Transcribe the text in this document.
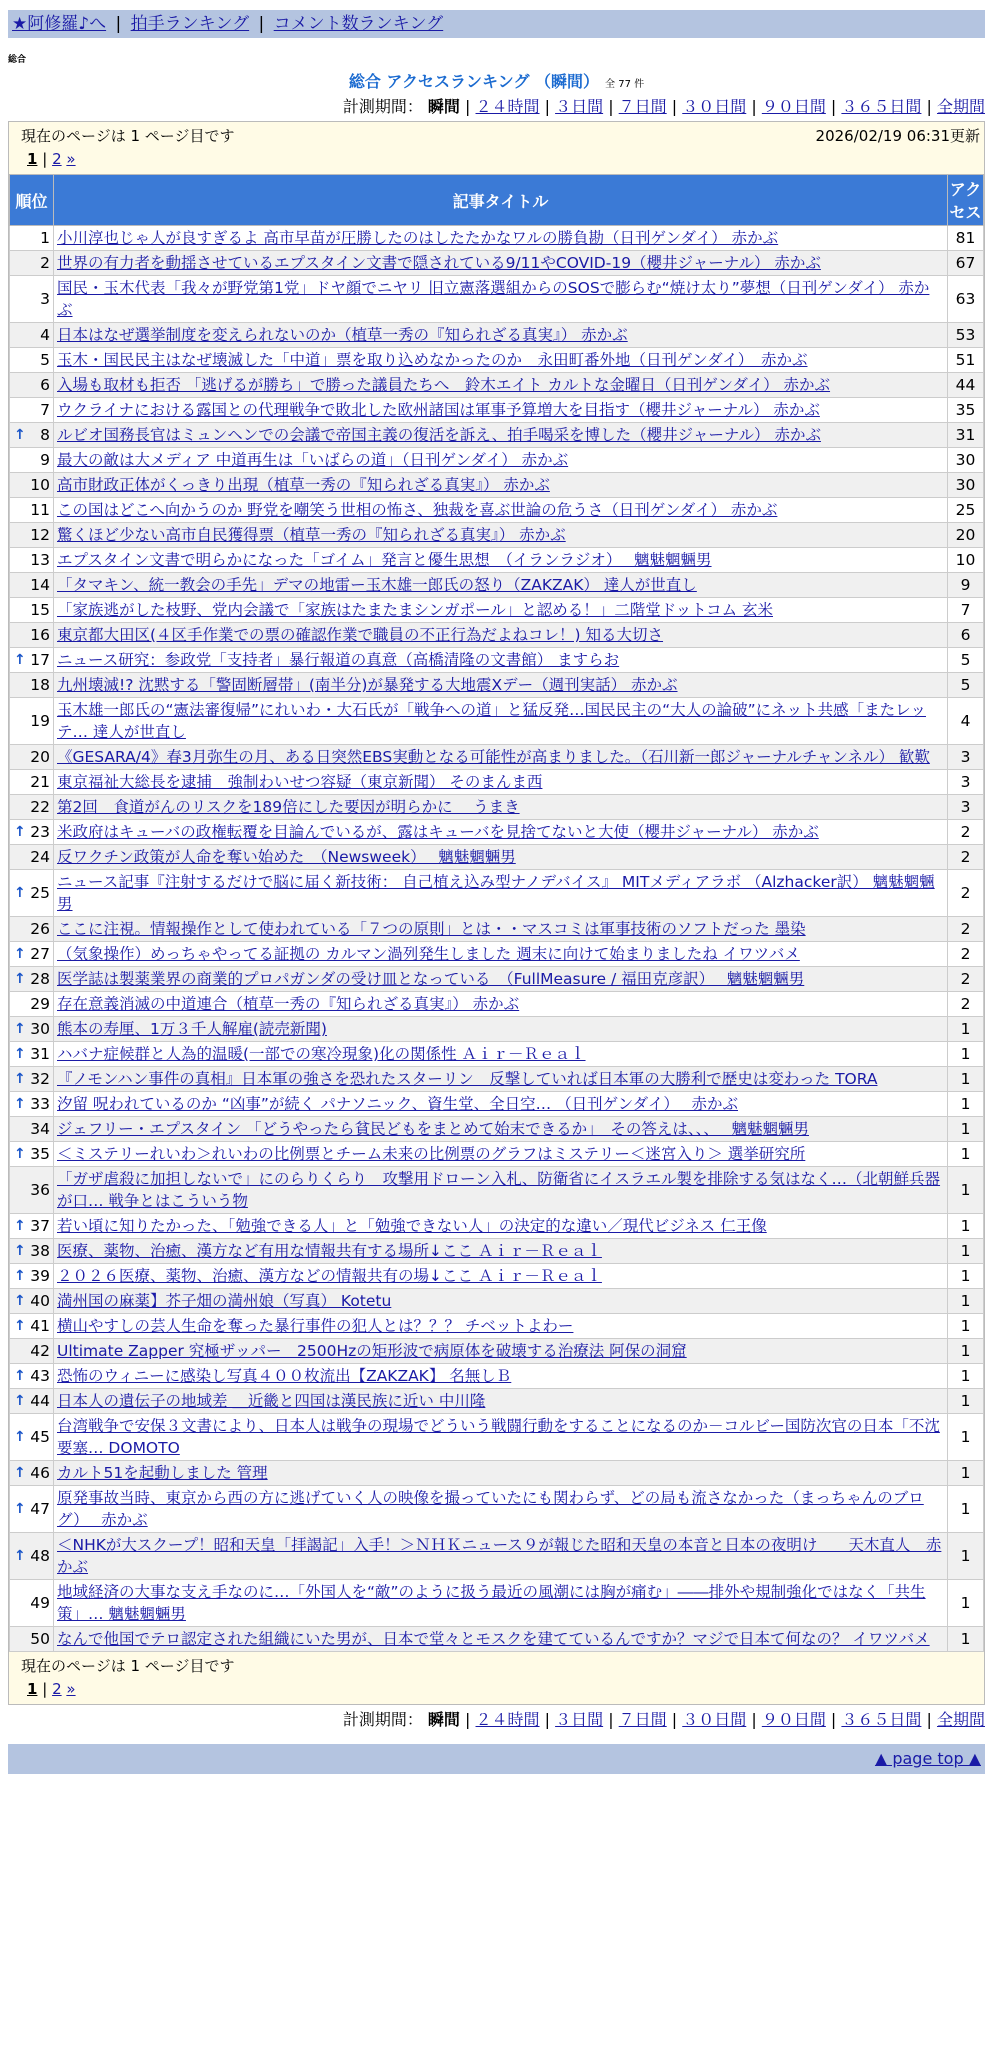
★阿修羅♪へ | 拍手ランキング | コメント数ランキング
総合
総合 アクセスランキング （瞬間） 全 77 件
計測期間： 瞬間 | ２４時間 | ３日間 | ７日間 | ３０日間 | ９０日間 | ３６５日間 | 全期間
現在のページは 1 ページ目です	2026/02/19 06:31更新
1 | 2 »
順位	記事タイトル	アクセス
1	小川淳也じゃ人が良すぎるよ 高市早苗が圧勝したのはしたたかなワルの勝負勘（日刊ゲンダイ） 赤かぶ	81
2	世界の有力者を動揺させているエプスタイン文書で隠されている9/11やCOVID-19（櫻井ジャーナル） 赤かぶ	67
3	国民・玉木代表「我々が野党第1党」ドヤ顔でニヤリ 旧立憲落選組からのSOSで膨らむ“焼け太り”夢想（日刊ゲンダイ） 赤かぶ	63
4	日本はなぜ選挙制度を変えられないのか（植草一秀の『知られざる真実』） 赤かぶ	53
5	玉木・国民民主はなぜ壊滅した「中道」票を取り込めなかったのか　永田町番外地（日刊ゲンダイ）　赤かぶ	51
6	入場も取材も拒否 「逃げるが勝ち」で勝った議員たちへ　鈴木エイト カルトな金曜日（日刊ゲンダイ） 赤かぶ	44
7	ウクライナにおける露国との代理戦争で敗北した欧州諸国は軍事予算増大を目指す（櫻井ジャーナル） 赤かぶ	35

↑ 8	ルビオ国務長官はミュンヘンでの会議で帝国主義の復活を訴え、拍手喝采を博した（櫻井ジャーナル） 赤かぶ	31
9	最大の敵は大メディア 中道再生は「いばらの道」（日刊ゲンダイ） 赤かぶ	30
10	高市財政正体がくっきり出現（植草一秀の『知られざる真実』） 赤かぶ	30
11	この国はどこへ向かうのか 野党を嘲笑う世相の怖さ、独裁を喜ぶ世論の危うさ（日刊ゲンダイ） 赤かぶ	25
12	驚くほど少ない高市自民獲得票（植草一秀の『知られざる真実』） 赤かぶ	20
13	エプスタイン文書で明らかになった「ゴイム」発言と優生思想　（イランラジオ）　 魑魅魍魎男	10
14	「タマキン、統一教会の手先」デマの地雷ー玉木雄一郎氏の怒り（ZAKZAK） 達人が世直し	9
15	「家族逃がした枝野、党内会議で「家族はたまたまシンガポール」と認める！」二階堂ドットコム 玄米	7
16	東京都大田区(４区手作業での票の確認作業で職員の不正行為だよねコレ！) 知る大切さ	6

↑ 17	ニュース研究：参政党「支持者」暴行報道の真意（高橋清隆の文書館） ますらお	5
18	九州壊滅!? 沈黙する「警固断層帯」(南半分)が暴発する大地震Xデー（週刊実話） 赤かぶ	5
19	玉木雄一郎氏の“憲法審復帰”にれいわ・大石氏が「戦争への道」と猛反発…国民民主の“大人の論破”にネット共感「またレッテ… 達人が世直し	4
20	《GESARA/4》春3月弥生の月、ある日突然EBS実動となる可能性が高まりました。（石川新一郎ジャーナルチャンネル） 歓歎	3
21	東京福祉大総長を逮捕　強制わいせつ容疑（東京新聞） そのまんま西	3
22	第2回　食道がんのリスクを189倍にした要因が明らかに　 うまき	3

↑ 23	米政府はキューバの政権転覆を目論んでいるが、露はキューバを見捨てないと大使（櫻井ジャーナル） 赤かぶ	2
24	反ワクチン政策が人命を奪い始めた　（Newsweek）　 魑魅魍魎男	2

↑ 25	ニュース記事『注射するだけで脳に届く新技術： 自己植え込み型ナノデバイス』 MITメディアラボ （Alzhacker訳） 魑魅魍魎男	2
26	ここに注視。情報操作として使われている「７つの原則」とは・・マスコミは軍事技術のソフトだった 墨染	2

↑ 27	（気象操作）めっちゃやってる証拠の カルマン渦列発生しました 週末に向けて始まりましたね イワツバメ	2

↑ 28	医学誌は製薬業界の商業的プロパガンダの受け皿となっている　（FullMeasure / 福田克彦訳）　 魑魅魍魎男	2
29	存在意義消滅の中道連合（植草一秀の『知られざる真実』） 赤かぶ	2

↑ 30	熊本の寿厘、1万３千人解雇(読売新聞)	1

↑ 31	ハバナ症候群と人為的温暖(一部での寒冷現象)化の関係性 Ａｉｒ－Ｒｅａｌ	1

↑ 32	『ノモンハン事件の真相』日本軍の強さを恐れたスターリン　反撃していれば日本軍の大勝利で歴史は変わった TORA	1

↑ 33	汐留 呪われているのか “凶事”が続く パナソニック、資生堂、全日空… （日刊ゲンダイ）　 赤かぶ	1
34	ジェフリー・エプスタイン 「どうやったら貧民どもをまとめて始末できるか」　その答えは、、、　 魑魅魍魎男	1

↑ 35	＜ミステリーれいわ＞れいわの比例票とチーム未来の比例票のグラフはミステリー＜迷宮入り＞ 選挙研究所	1
36	「ガザ虐殺に加担しないで」にのらりくらり　攻撃用ドローン入札、防衛省にイスラエル製を排除する気はなく…（北朝鮮兵器が口… 戦争とはこういう物	1

↑ 37	若い頃に知りたかった、「勉強できる人」と「勉強できない人」の決定的な違い／現代ビジネス 仁王像	1

↑ 38	医療、薬物、治癒、漢方など有用な情報共有する場所↓ここ Ａｉｒ－Ｒｅａｌ	1

↑ 39	２０２６医療、薬物、治癒、漢方などの情報共有の場↓ここ Ａｉｒ－Ｒｅａｌ	1

↑ 40	満州国の麻薬】芥子畑の満州娘（写真） Kotetu	1

↑ 41	横山やすしの芸人生命を奪った暴行事件の犯人とは？？？ チベットよわー	1
42	Ultimate Zapper 究極ザッパー　2500Hzの矩形波で病原体を破壊する治療法 阿保の洞窟	1

↑ 43	恐怖のウィニーに感染し写真４００枚流出【ZAKZAK】 名無しＢ	1

↑ 44	日本人の遺伝子の地域差 ＿近畿と四国は漢民族に近い 中川隆	1

↑ 45	台湾戦争で安保３文書により、日本人は戦争の現場でどういう戦闘行動をすることになるのか－コルビー国防次官の日本「不沈要塞… DOMOTO	1

↑ 46	カルト51を起動しました 管理	1

↑ 47	原発事故当時、東京から西の方に逃げていく人の映像を撮っていたにも関わらず、どの局も流さなかった（まっちゃんのブログ）　 赤かぶ	1

↑ 48	＜NHKが大スクープ！昭和天皇「拝謁記」入手！＞ＮＨＫニュース９が報じた昭和天皇の本音と日本の夜明け　　天木直人　赤かぶ	1
49	地域経済の大事な支え手なのに…「外国人を“敵”のように扱う最近の風潮には胸が痛む」――排外や規制強化ではなく「共生策」… 魑魅魍魎男	1
50	なんで他国でテロ認定された組織にいた男が、日本で堂々とモスクを建てているんですか？マジで日本て何なの？ イワツバメ	1
現在のページは 1 ページ目です
1 | 2 »
計測期間： 瞬間 | ２４時間 | ３日間 | ７日間 | ３０日間 | ９０日間 | ３６５日間 | 全期間
▲ page top ▲
